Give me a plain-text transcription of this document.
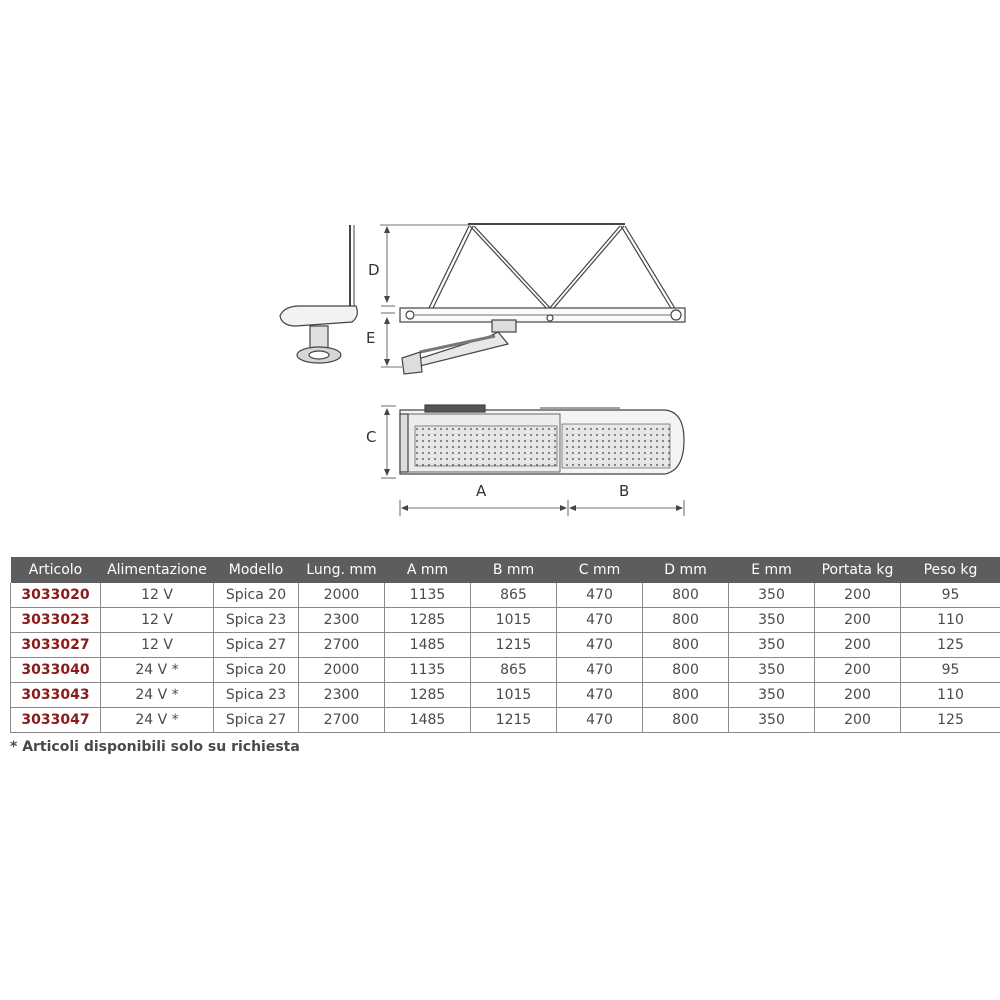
D
E
C
A	B
Articolo	Alimentazione	Modello	Lung. mm	A mm	B mm	C mm	D mm	E mm	Portata kg	Peso kg
3033020	12 V	Spica 20	2000	1135	865	470	800	350	200	95
3033023	12 V	Spica 23	2300	1285	1015	470	800	350	200	110
3033027	12 V	Spica 27	2700	1485	1215	470	800	350	200	125
3033040	24 V *	Spica 20	2000	1135	865	470	800	350	200	95
3033043	24 V *	Spica 23	2300	1285	1015	470	800	350	200	110
3033047	24 V *	Spica 27	2700	1485	1215	470	800	350	200	125
* Articoli disponibili solo su richiesta
